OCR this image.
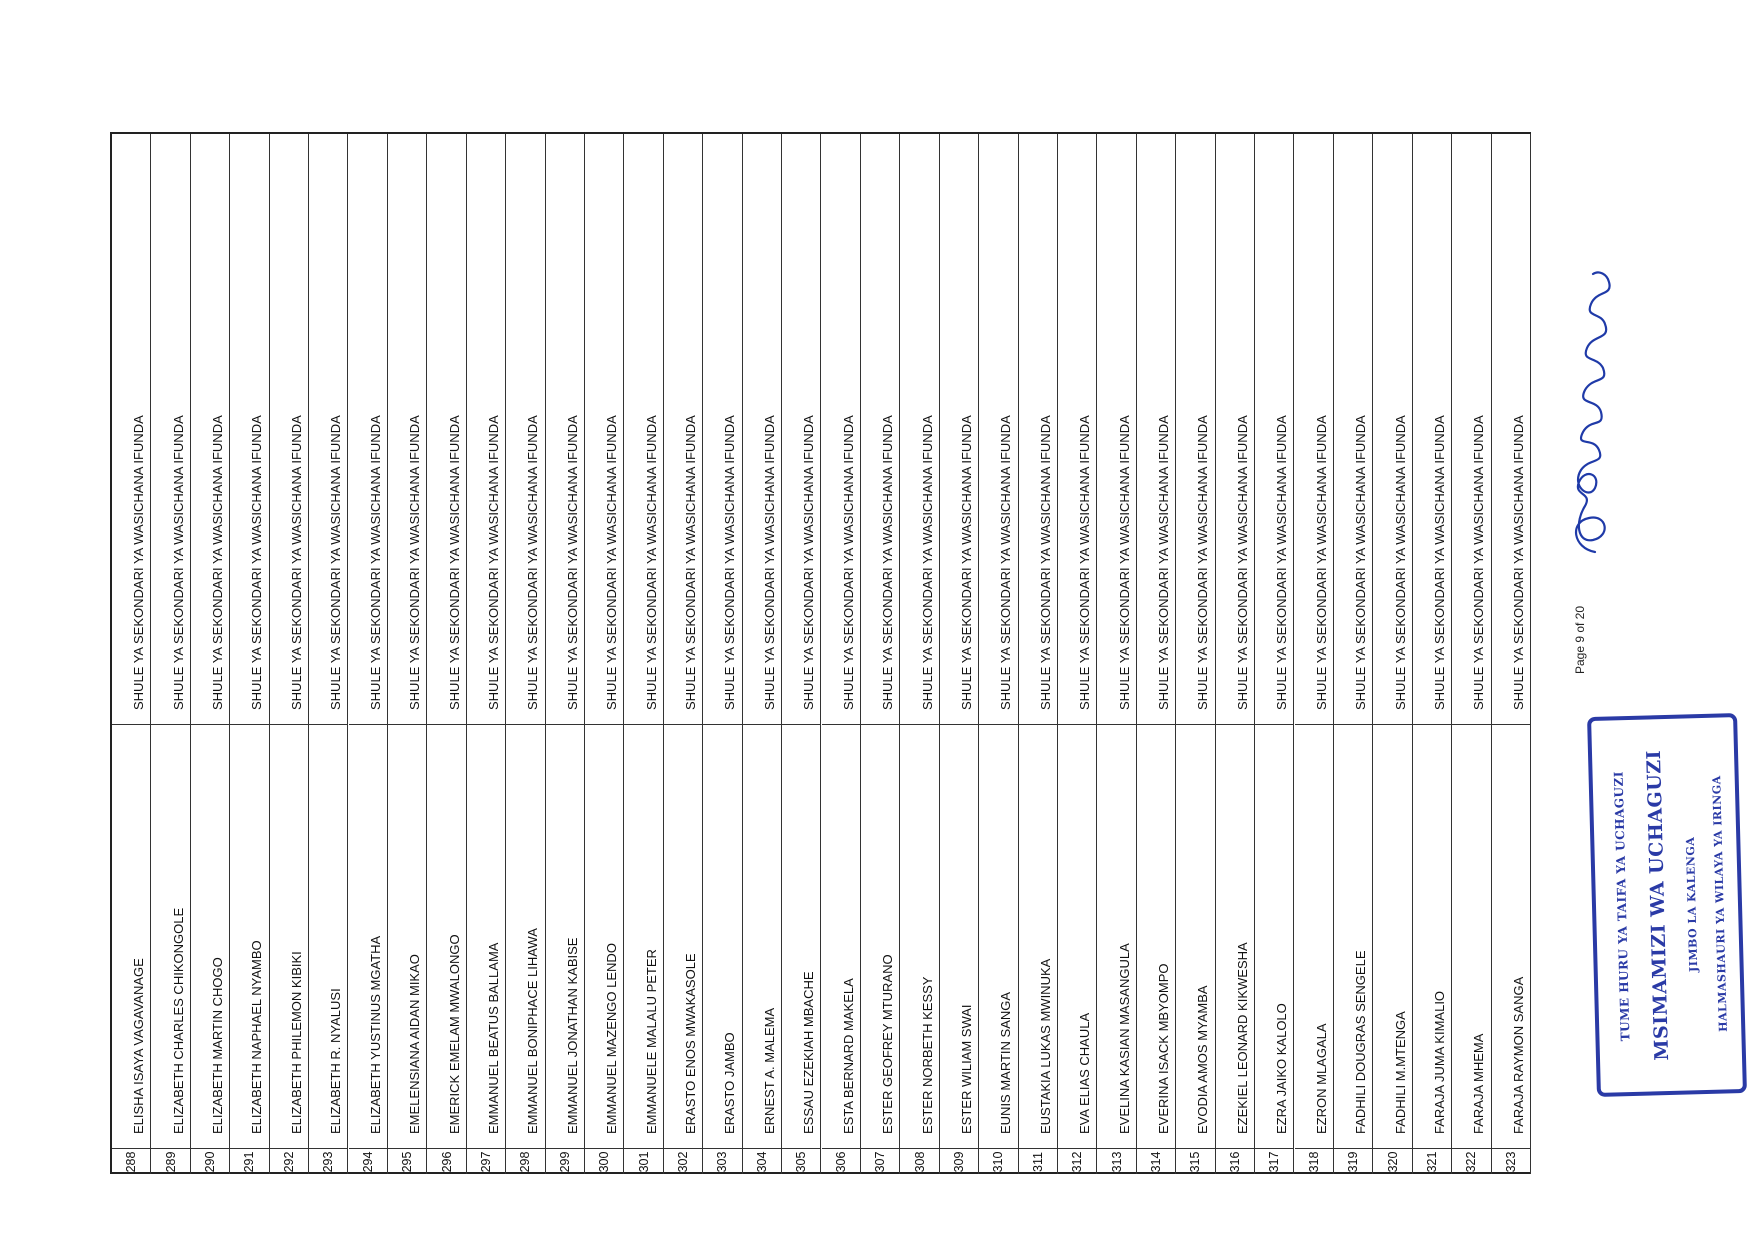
288
ELISHA ISAYA VAGAVANAGE
SHULE YA SEKONDARI YA WASICHANA IFUNDA
289
ELIZABETH CHARLES CHIKONGOLE
SHULE YA SEKONDARI YA WASICHANA IFUNDA
290
ELIZABETH MARTIN CHOGO
SHULE YA SEKONDARI YA WASICHANA IFUNDA
291
ELIZABETH NAPHAEL NYAMBO
SHULE YA SEKONDARI YA WASICHANA IFUNDA
292
ELIZABETH PHILEMON KIBIKI
SHULE YA SEKONDARI YA WASICHANA IFUNDA
293
ELIZABETH R. NYALUSI
SHULE YA SEKONDARI YA WASICHANA IFUNDA
294
ELIZABETH YUSTINUS MGATHA
SHULE YA SEKONDARI YA WASICHANA IFUNDA
295
EMELENSIANA AIDAN MIKAO
SHULE YA SEKONDARI YA WASICHANA IFUNDA
296
EMERICK EMELAM MWALONGO
SHULE YA SEKONDARI YA WASICHANA IFUNDA
297
EMMANUEL BEATUS BALLAMA
SHULE YA SEKONDARI YA WASICHANA IFUNDA
298
EMMANUEL BONIPHACE LIHAWA
SHULE YA SEKONDARI YA WASICHANA IFUNDA
299
EMMANUEL JONATHAN KABISE
SHULE YA SEKONDARI YA WASICHANA IFUNDA
300
EMMANUEL MAZENGO LENDO
SHULE YA SEKONDARI YA WASICHANA IFUNDA
301
EMMANUELE MALALU PETER
SHULE YA SEKONDARI YA WASICHANA IFUNDA
302
ERASTO ENOS MWAKASOLE
SHULE YA SEKONDARI YA WASICHANA IFUNDA
303
ERASTO JAMBO
SHULE YA SEKONDARI YA WASICHANA IFUNDA
304
ERNEST A. MALEMA
SHULE YA SEKONDARI YA WASICHANA IFUNDA
305
ESSAU EZEKIAH MBACHE
SHULE YA SEKONDARI YA WASICHANA IFUNDA
306
ESTA BERNARD MAKELA
SHULE YA SEKONDARI YA WASICHANA IFUNDA
307
ESTER GEOFREY MTURANO
SHULE YA SEKONDARI YA WASICHANA IFUNDA
308
ESTER NORBETH KESSY
SHULE YA SEKONDARI YA WASICHANA IFUNDA
309
ESTER WILIAM SWAI
SHULE YA SEKONDARI YA WASICHANA IFUNDA
310
EUNIS MARTIN SANGA
SHULE YA SEKONDARI YA WASICHANA IFUNDA
311
EUSTAKIA LUKAS MWINUKA
SHULE YA SEKONDARI YA WASICHANA IFUNDA
312
EVA ELIAS CHAULA
SHULE YA SEKONDARI YA WASICHANA IFUNDA
313
EVELINA KASIAN MASANGULA
SHULE YA SEKONDARI YA WASICHANA IFUNDA
314
EVERINA ISACK MBYOMPO
SHULE YA SEKONDARI YA WASICHANA IFUNDA
315
EVODIA AMOS MYAMBA
SHULE YA SEKONDARI YA WASICHANA IFUNDA
316
EZEKIEL LEONARD KIKWESHA
SHULE YA SEKONDARI YA WASICHANA IFUNDA
317
EZRA JAIKO KALOLO
SHULE YA SEKONDARI YA WASICHANA IFUNDA
318
EZRON MLAGALA
SHULE YA SEKONDARI YA WASICHANA IFUNDA
319
FADHILI DOUGRAS SENGELE
SHULE YA SEKONDARI YA WASICHANA IFUNDA
320
FADHILI M.MTENGA
SHULE YA SEKONDARI YA WASICHANA IFUNDA
321
FARAJA JUMA KIMALIO
SHULE YA SEKONDARI YA WASICHANA IFUNDA
322
FARAJA MHEMA
SHULE YA SEKONDARI YA WASICHANA IFUNDA
323
FARAJA RAYMON SANGA
SHULE YA SEKONDARI YA WASICHANA IFUNDA	Page 9 of 20
TUME HURU YA TAIFA YA UCHAGUZI MSIMAMIZI WA UCHAGUZI JIMBO LA KALENGA HALMASHAURI YA WILAYA YA IRINGA
